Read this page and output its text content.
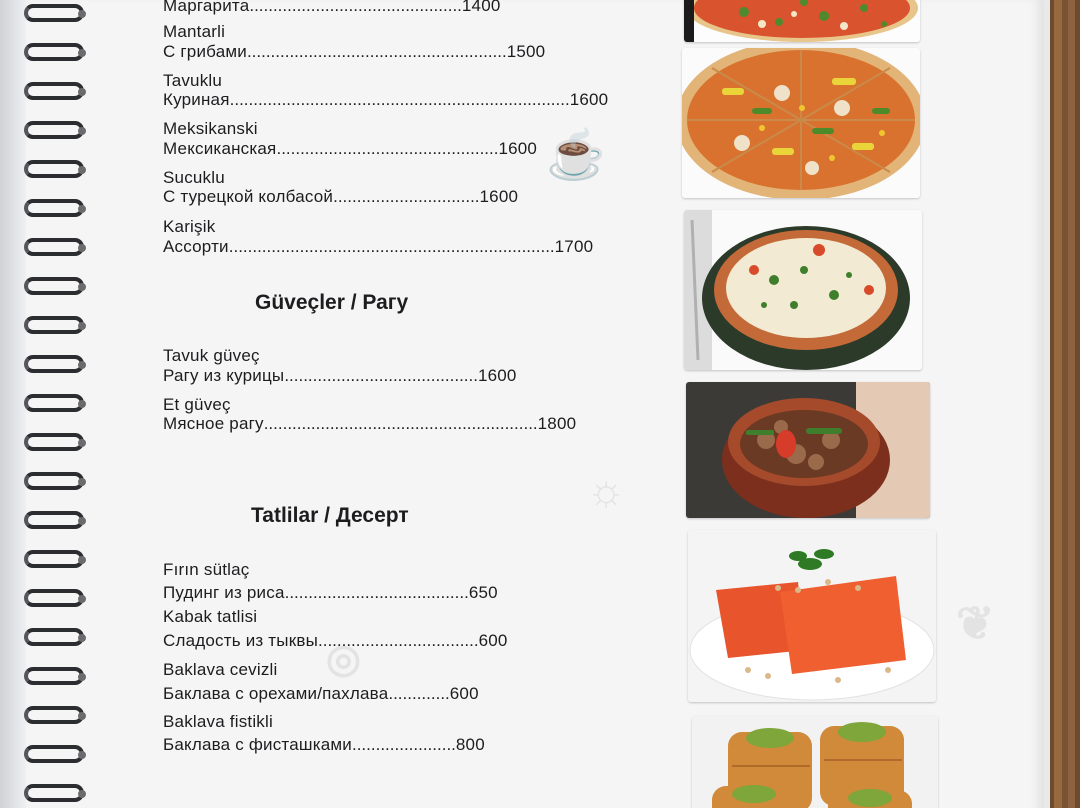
☕
☼
◎
❦
Маргарита.............................................1400
Mantarli
С грибами.......................................................1500
Tavuklu
Куриная........................................................................1600
Meksikanski
Мексиканская...............................................1600
Sucuklu
С турецкой колбасой...............................1600
Karişik
Ассорти.....................................................................1700
Güveçler / Рагу
Tavuk güveç
Рагу из курицы.........................................1600
Et güveç
Мясное рагу..........................................................1800
Tatlilar / Десерт
Fırın sütlaç
Пудинг из риса.......................................650
Kabak tatlisi
Сладость из тыквы..................................600
Baklava cevizli
Баклава с орехами/пахлава.............600
Baklava fistikli
Баклава с фисташками......................800
